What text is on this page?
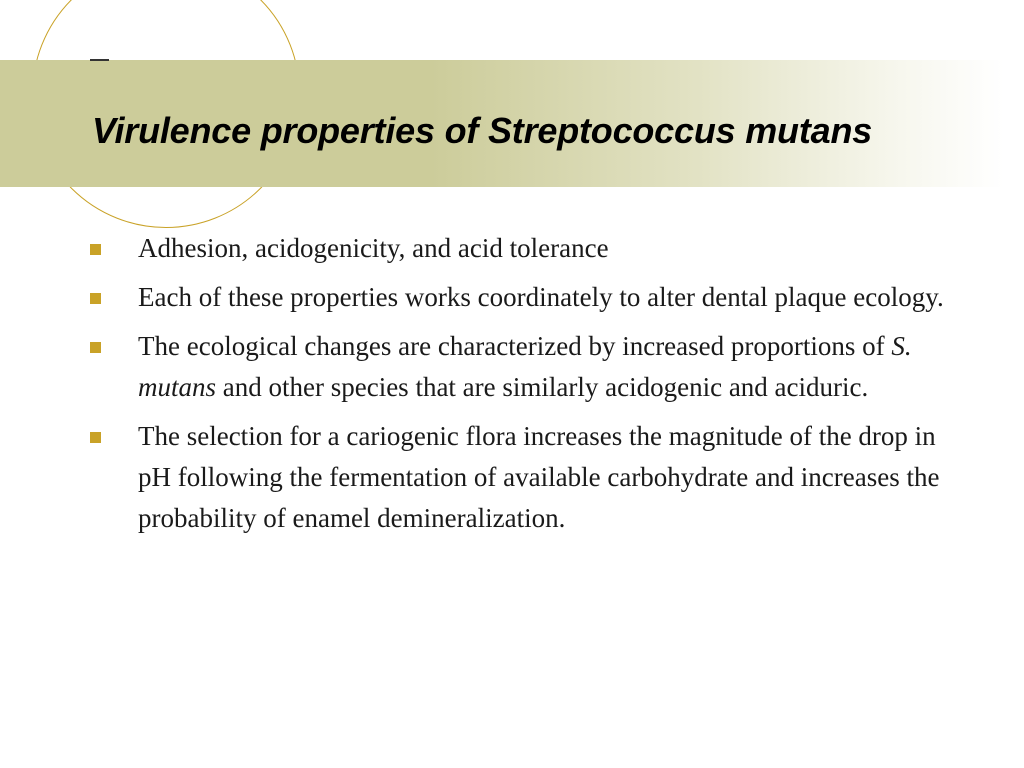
Virulence properties of Streptococcus mutans
Adhesion, acidogenicity, and acid tolerance
Each of these properties works coordinately to alter dental plaque ecology.
The ecological changes are characterized by increased proportions of S. mutans and other species that are similarly acidogenic and aciduric.
The selection for a cariogenic flora increases the magnitude of the drop in pH following the fermentation of available carbohydrate and increases the probability of enamel demineralization.
